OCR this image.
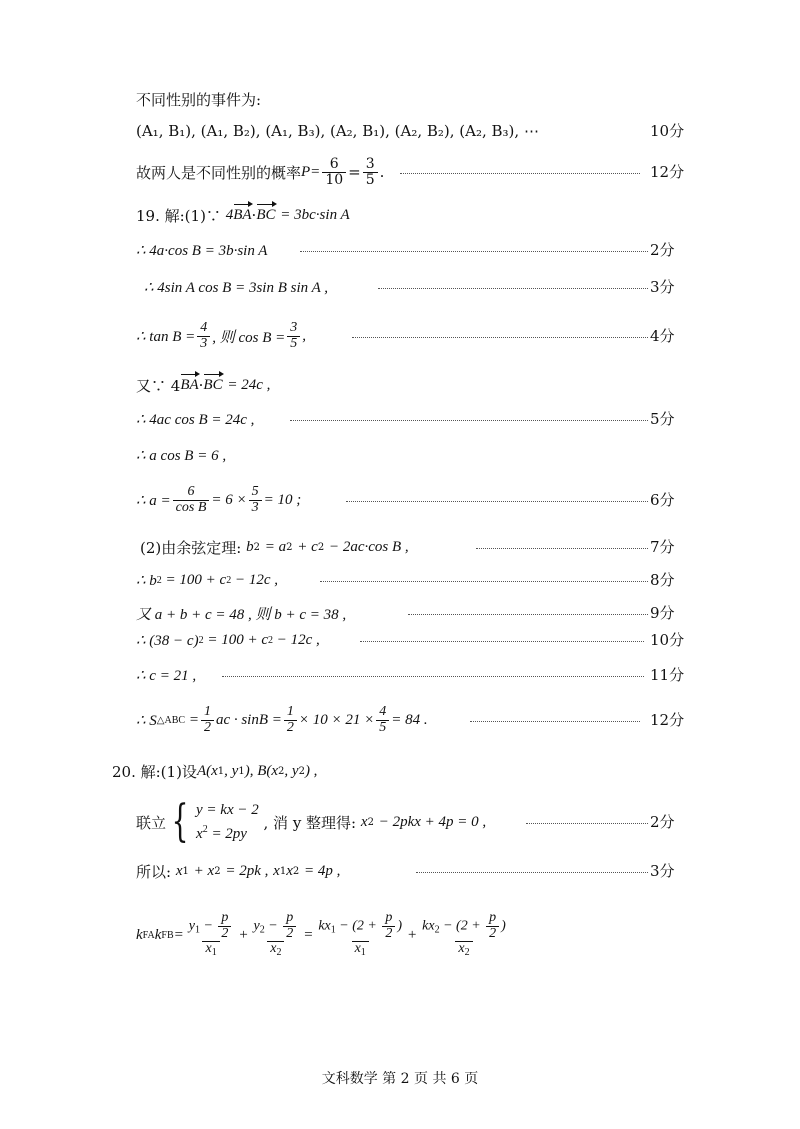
不同性别的事件为:
(A₁, B₁), (A₁, B₂), (A₁, B₃), (A₂, B₁), (A₂, B₂), (A₂, B₃), ⋯	10分
故两人是不同性别的概率 $P= \frac{6}{10} = \frac{3}{5}$ .	12分
19. 解:(1)∵
4 BA · BC
= 3bc·sin A
∴ 4a·cos B = 3b·sin A	2分
∴ 4sin A cos B = 3sin B sin A ,	3分
∴ $\tan B = \frac{4}{3}$ , 则 $\cos B = \frac{3}{5}$ ,	4分
又∵ 4 BA · BC
= 24c ,
∴ 4ac cos B = 24c ,	5分
∴ a cos B = 6 ,
∴ $a = \frac{6}{\text{cos B}} = 6 \times \frac{5}{3} = 10$ ;	6分
(2)由余弦定理:
b 2
= a 2
+ c 2
− 2ac·cos B ,	7分
∴ b 2
= 100 + c 2
− 12c ,	8分
又 a + b + c = 48 , 则 b + c = 38 ,	9分
∴ (38 − c) 2
= 100 + c 2
− 12c ,	10分
∴ c = 21 ,	11分
∴ S △ABC
= $\frac{1}{2}$ ac · $\sin B = \frac{1}{2} \times 10 \times 21 \times \frac{4}{5} = 84$ .	12分
20. 解:(1)设 A(x 1 , y 1 ) , B(x 2 , y 2 ) ,
联立 { y = kx − 2
$x^2 = 2py$

, 消 y 整理得:
x 2
− 2pkx + 4p = 0 ,	2分
所以:
x 1
+ x 2
= 2pk ,
x 1 x 2
= 4p ,	3分
k FA k FB = $\frac{y_1 - \frac{p}{2}}{x_1} + \frac{y_2 - \frac{p}{2}}{x_2} = \frac{kx_1 - (2 + \frac{p}{2} )}{x_1} + \frac{kx_2 - (2 + \frac{p}{2} )}{x_2}$
文科数学 第 2 页 共 6 页
